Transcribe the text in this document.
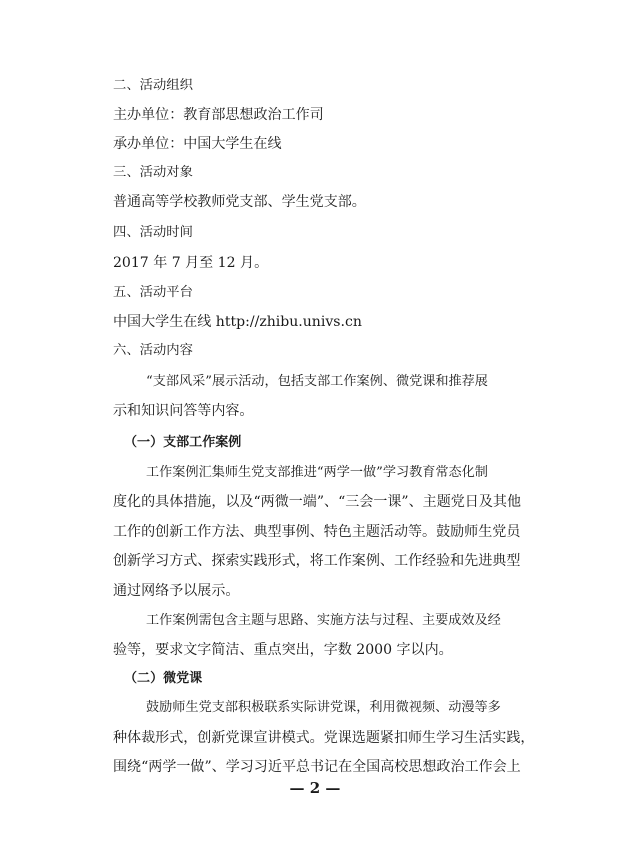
二、活动组织
主办单位：教育部思想政治工作司
承办单位：中国大学生在线
三、活动对象
普通高等学校教师党支部、学生党支部。
四、活动时间
2017 年 7 月至 12 月。
五、活动平台
中国大学生在线 http://zhibu.univs.cn
六、活动内容
“支部风采”展示活动，包括支部工作案例、微党课和推荐展
示和知识问答等内容。
（一）支部工作案例
工作案例汇集师生党支部推进“两学一做”学习教育常态化制
度化的具体措施，以及“两微一端”、“三会一课”、主题党日及其他
工作的创新工作方法、典型事例、特色主题活动等。鼓励师生党员
创新学习方式、探索实践形式，将工作案例、工作经验和先进典型
通过网络予以展示。
工作案例需包含主题与思路、实施方法与过程、主要成效及经
验等，要求文字简洁、重点突出，字数 2000 字以内。
（二）微党课
鼓励师生党支部积极联系实际讲党课，利用微视频、动漫等多
种体裁形式，创新党课宣讲模式。党课选题紧扣师生学习生活实践，
围绕“两学一做”、学习习近平总书记在全国高校思想政治工作会上
— 2 —
